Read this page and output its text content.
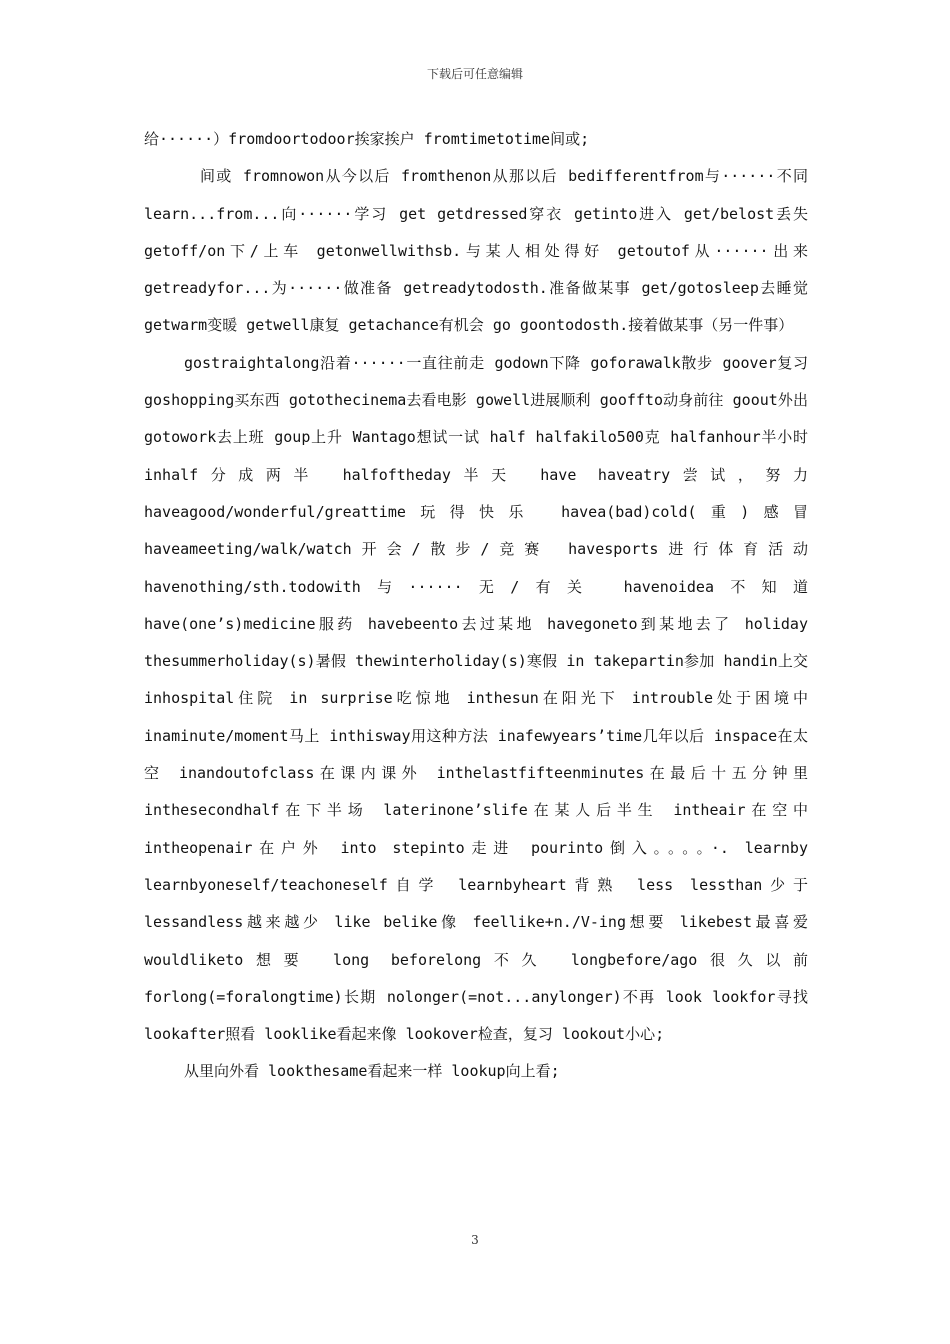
下载后可任意编辑

给······）fromdoortodoor挨家挨户 fromtimetotime间或;

间或 fromnowon从今以后 fromthenon从那以后 bedifferentfrom与······不同 learn...from...向······学习 get getdressed穿衣 getinto进入 get/belost丢失 getoff/on下/上车 getonwellwithsb.与某人相处得好 getoutof从······出来 getreadyfor...为······做准备 getreadytodosth.准备做某事 get/gotosleep去睡觉 getwarm变暖 getwell康复 getachance有机会 go goontodosth.接着做某事（另一件事）

gostraightalong沿着······一直往前走 godown下降 goforawalk散步 goover复习 goshopping买东西 gotothecinema去看电影 gowell进展顺利 gooffto动身前往 goout外出 gotowork去上班 goup上升 Wantago想试一试 half halfakilo500克 halfanhour半小时 inhalf分成两半 halfoftheday半天 have haveatry尝试，努力 haveagood/wonderful/greattime玩得快乐 havea(bad)cold(重)感冒 haveameeting/walk/watch开会/散步/竞赛 havesports进行体育活动 havenothing/sth.todowith与······无/有关 havenoidea不知道 have(one’s)medicine服药 havebeento去过某地 havegoneto到某地去了 holiday thesummerholiday(s)暑假 thewinterholiday(s)寒假 in takepartin参加 handin上交 inhospital住院 in surprise吃惊地 inthesun在阳光下 introuble处于困境中 inaminute/moment马上 inthisway用这种方法 inafewyears’time几年以后 inspace在太空 inandoutofclass在课内课外 inthelastfifteenminutes在最后十五分钟里 inthesecondhalf在下半场 laterinone’slife在某人后半生 intheair在空中 intheopenair在户外 into stepinto走进 pourinto倒入。。。。·. learnby learnbyoneself/teachoneself自学 learnbyheart背熟 less lessthan少于 lessandless越来越少 like belike像 feellike+n./V-ing想要 likebest最喜爱 wouldliketo想要 long beforelong不久 longbefore/ago很久以前 forlong(=foralongtime)长期 nolonger(=not...anylonger)不再 look lookfor寻找 lookafter照看 looklike看起来像 lookover检查，复习 lookout小心;

从里向外看 lookthesame看起来一样 lookup向上看;

3
